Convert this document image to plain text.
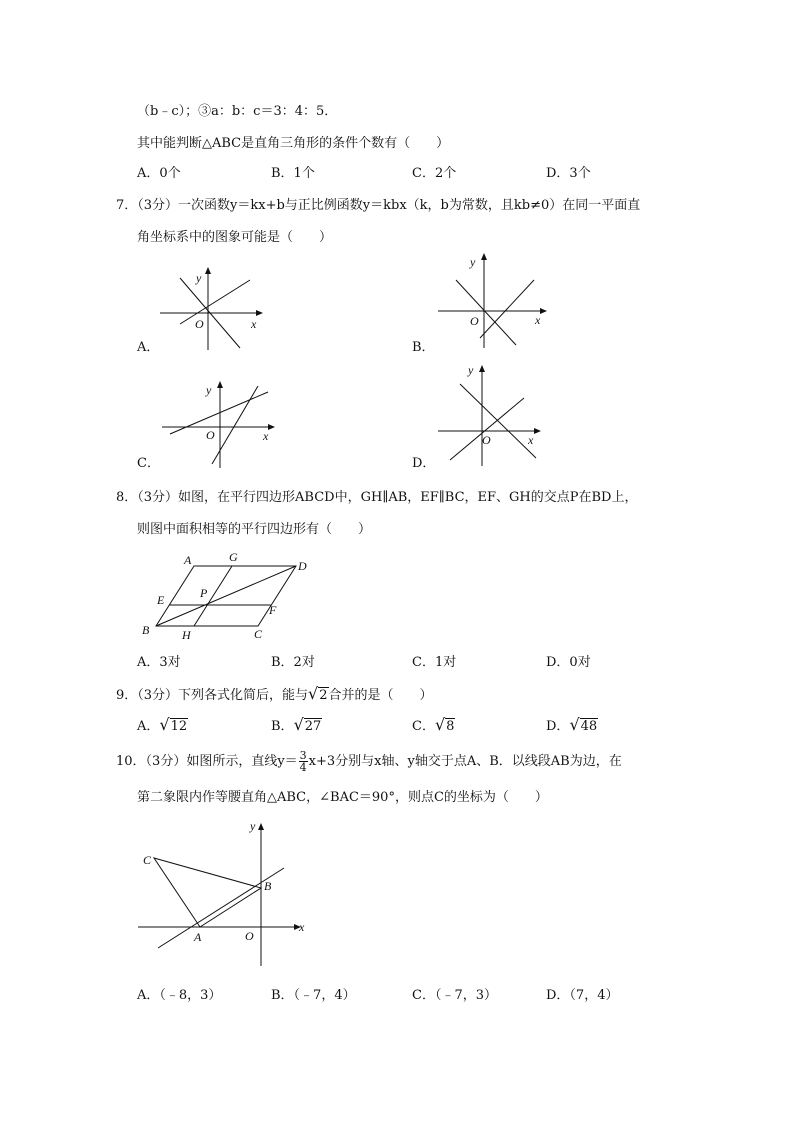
（b﹣c）；③a：b：c＝3：4：5．
其中能判断△ABC是直角三角形的条件个数有（　　）
A．0个	B．1个	C．2个	D．3个
7．（3分）一次函数y＝kx+b与正比例函数y＝kbx（k，b为常数，且kb≠0）在同一平面直
角坐标系中的图象可能是（　　）
y
O	x
A．
y
O	x
B．
y
O	x
C．
y
O	x
D．
8．（3分）如图，在平行四边形ABCD中，GH∥AB，EF∥BC，EF、GH的交点P在BD上，
则图中面积相等的平行四边形有（　　）
A	G
D
E	P
F
B	H	C
A．3对	B．2对	C．1对	D．0对
9．（3分）下列各式化简后，能与√2合并的是（　　）
A．√12	B．√27	C．√8	D．√48
10．（3分）如图所示，直线$y= \frac{3}{4} x+3$分别与x轴、y轴交于点A、B．以线段AB为边，在
第二象限内作等腰直角△ABC，∠BAC＝90°，则点C的坐标为（　　）
C
B
A	O
x
y
A．（﹣8，3）	B．（﹣7，4）	C．（﹣7，3）	D．（7，4）
